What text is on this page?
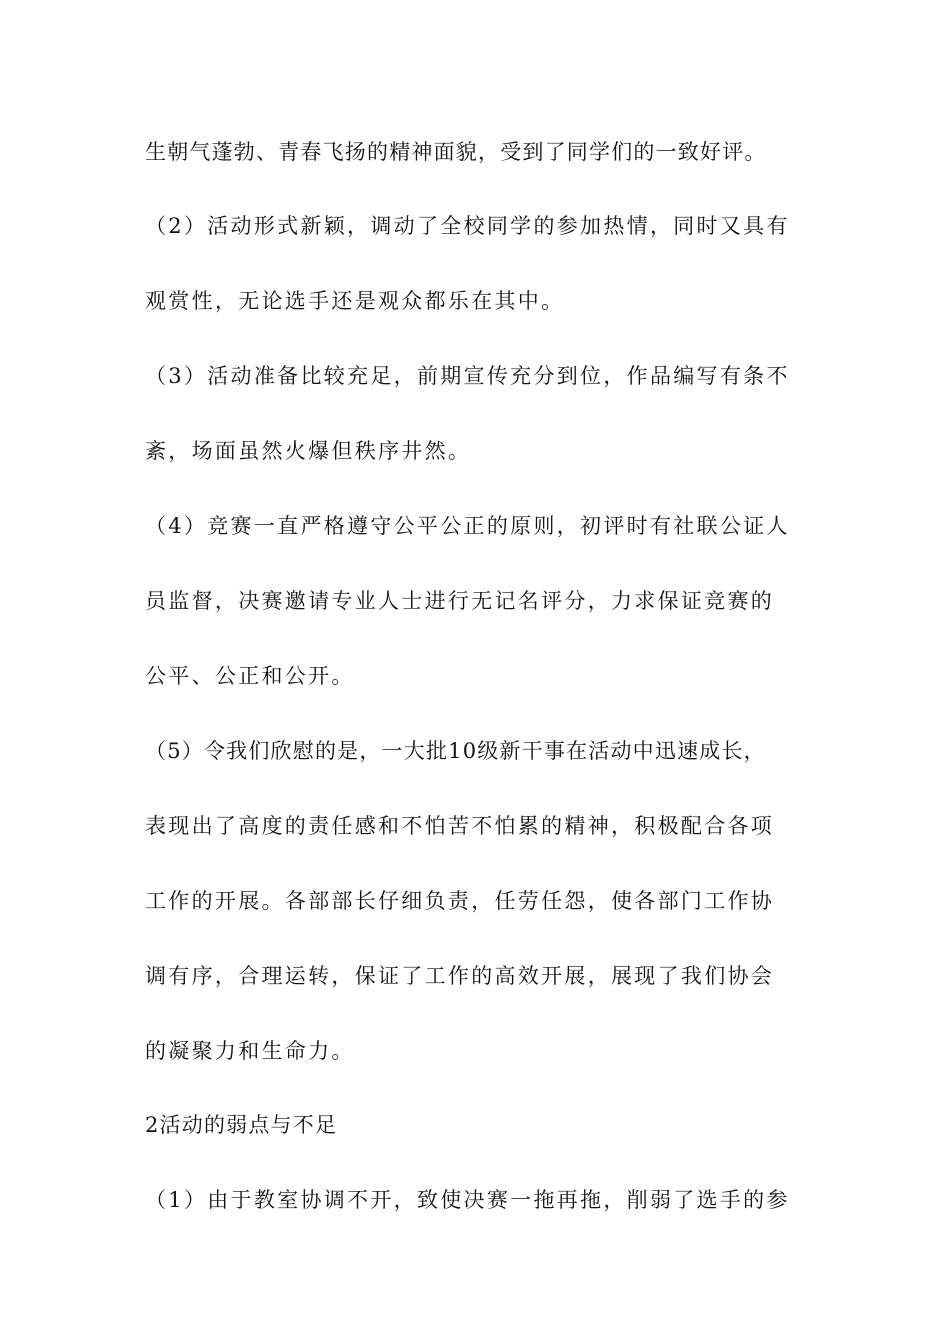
生朝气蓬勃、青春飞扬的精神面貌，受到了同学们的一致好评。
（2）活动形式新颖，调动了全校同学的参加热情，同时又具有
观赏性，无论选手还是观众都乐在其中。
（3）活动准备比较充足，前期宣传充分到位，作品编写有条不
紊，场面虽然火爆但秩序井然。
（4）竞赛一直严格遵守公平公正的原则，初评时有社联公证人
员监督，决赛邀请专业人士进行无记名评分，力求保证竞赛的
公平、公正和公开。
（5）令我们欣慰的是，一大批10级新干事在活动中迅速成长，
表现出了高度的责任感和不怕苦不怕累的精神，积极配合各项
工作的开展。各部部长仔细负责，任劳任怨，使各部门工作协
调有序，合理运转，保证了工作的高效开展，展现了我们协会
的凝聚力和生命力。
2活动的弱点与不足
（1）由于教室协调不开，致使决赛一拖再拖，削弱了选手的参
